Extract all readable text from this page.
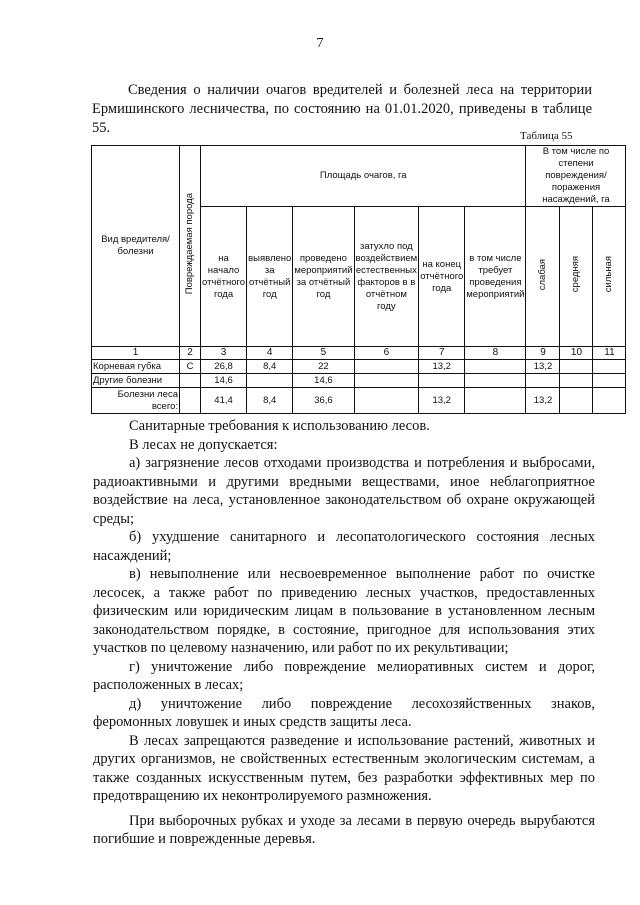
7

Сведения о наличии очагов вредителей и болезней леса на территории Ермишинского лесничества, по состоянию на 01.01.2020, приведены в таблице 55.

Таблица 55
Вид вредителя/болезни	Повреждаемая порода	Площадь очагов, га						В том числе по степени повреждения/поражения насаждений, га		
		на начало отчётного года	выявлено за отчётный год	проведено мероприятий за отчётный год	затухло под воздействием естественных факторов в в отчётном году	на конец отчётного года	в том числе требует проведения мероприятий	слабая	средняя	сильная
1	2	3	4	5	6	7	8	9	10	11
Корневая губка	С	26,8	8,4	22		13,2		13,2		
Другие болезни		14,6		14,6						
Болезни леса всего:		41,4	8,4	36,6		13,2		13,2		

Санитарные требования к использованию лесов.

В лесах не допускается:

а) загрязнение лесов отходами производства и потребления и выбросами, радиоактивными и другими вредными веществами, иное неблагоприятное воздействие на леса, установленное законодательством об охране окружающей среды;

б) ухудшение санитарного и лесопатологического состояния лесных насаждений;

в) невыполнение или несвоевременное выполнение работ по очистке лесосек, а также работ по приведению лесных участков, предоставленных физическим или юридическим лицам в пользование в установленном лесным законодательством порядке, в состояние, пригодное для использования этих участков по целевому назначению, или работ по их рекультивации;

г) уничтожение либо повреждение мелиоративных систем и дорог, расположенных в лесах;

д) уничтожение либо повреждение лесохозяйственных знаков, феромонных ловушек и иных средств защиты леса.

В лесах запрещаются разведение и использование растений, животных и других организмов, не свойственных естественным экологическим системам, а также созданных искусственным путем, без разработки эффективных мер по предотвращению их неконтролируемого размножения.

При выборочных рубках и уходе за лесами в первую очередь вырубаются погибшие и поврежденные деревья.
